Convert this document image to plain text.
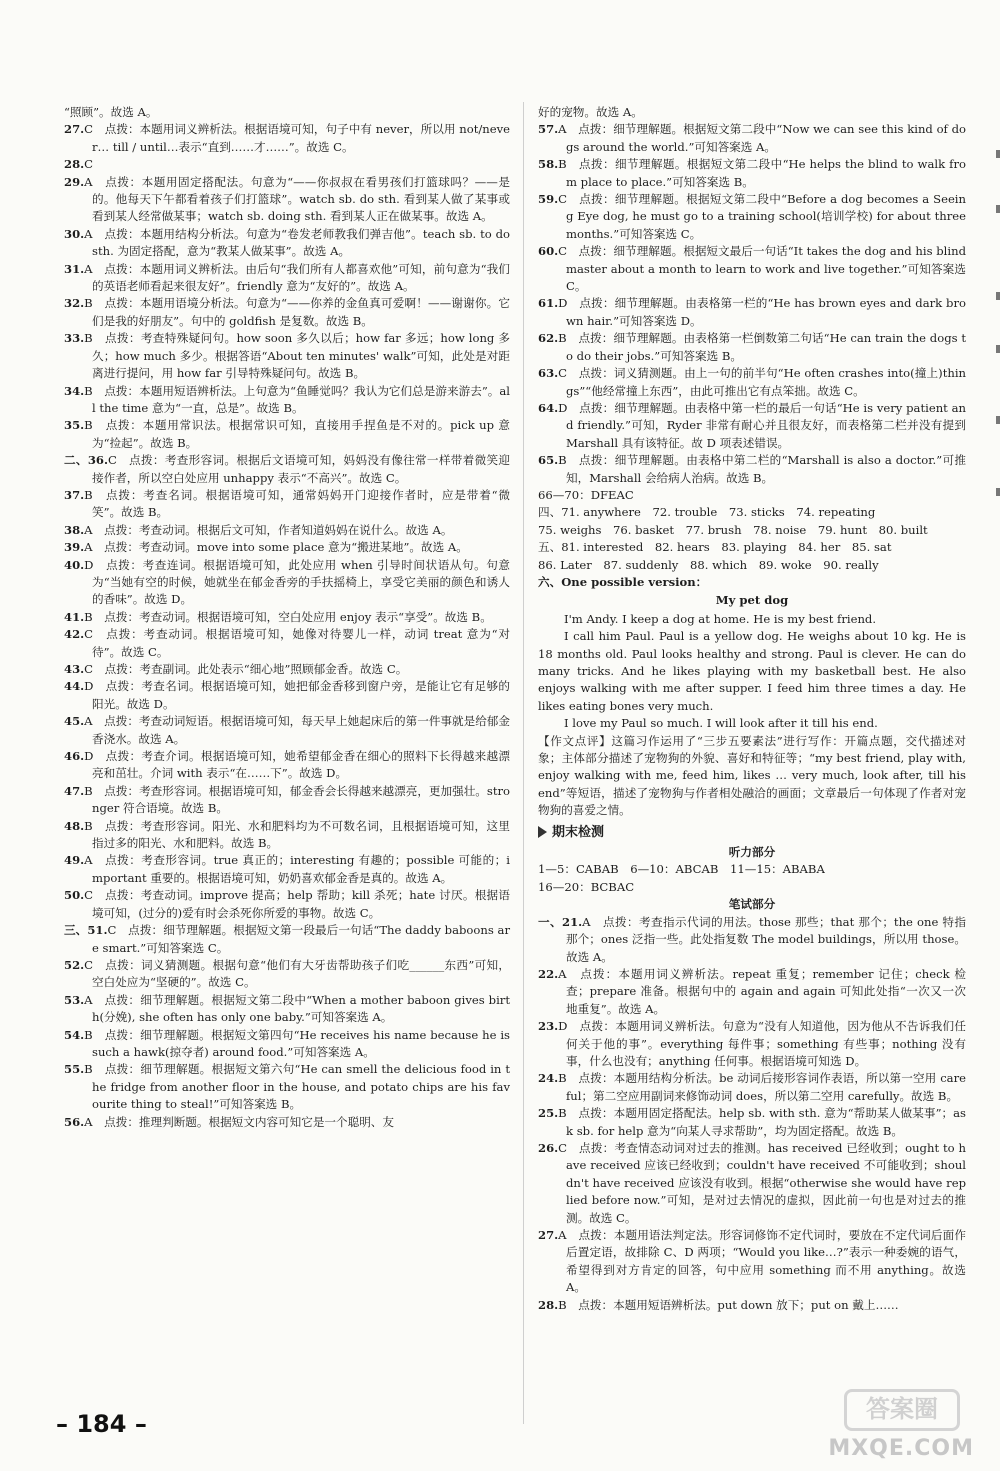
“照顾”。故选 A。

27.C　点拨：本题用词义辨析法。根据语境可知，句子中有 never，所以用 not/never… till / until…表示“直到……才……”。故选 C。

28.C

29.A　点拨：本题用固定搭配法。句意为“——你叔叔在看男孩们打篮球吗？——是的。他每天下午都看着孩子们打篮球”。watch sb. do sth. 看到某人做了某事或看到某人经常做某事；watch sb. doing sth. 看到某人正在做某事。故选 A。

30.A　点拨：本题用结构分析法。句意为“卷发老师教我们弹吉他”。teach sb. to do sth. 为固定搭配，意为“教某人做某事”。故选 A。

31.A　点拨：本题用词义辨析法。由后句“我们所有人都喜欢他”可知，前句意为“我们的英语老师看起来很友好”。friendly 意为“友好的”。故选 A。

32.B　点拨：本题用语境分析法。句意为“——你养的金鱼真可爱啊！——谢谢你。它们是我的好朋友”。句中的 goldfish 是复数。故选 B。

33.B　点拨：考查特殊疑问句。how soon 多久以后；how far 多远；how long 多久；how much 多少。根据答语“About ten minutes' walk”可知，此处是对距离进行提问，用 how far 引导特殊疑问句。故选 B。

34.B　点拨：本题用短语辨析法。上句意为“鱼睡觉吗？我认为它们总是游来游去”。all the time 意为“一直，总是”。故选 B。

35.B　点拨：本题用常识法。根据常识可知，直接用手捏鱼是不对的。pick up 意为“捡起”。故选 B。

二、36.C　点拨：考查形容词。根据后文语境可知，妈妈没有像往常一样带着微笑迎接作者，所以空白处应用 unhappy 表示“不高兴”。故选 C。

37.B　点拨：考查名词。根据语境可知，通常妈妈开门迎接作者时，应是带着“微笑”。故选 B。

38.A　点拨：考查动词。根据后文可知，作者知道妈妈在说什么。故选 A。

39.A　点拨：考查动词。move into some place 意为“搬进某地”。故选 A。

40.D　点拨：考查连词。根据语境可知，此处应用 when 引导时间状语从句。句意为“当她有空的时候，她就坐在郁金香旁的手扶摇椅上，享受它美丽的颜色和诱人的香味”。故选 D。

41.B　点拨：考查动词。根据语境可知，空白处应用 enjoy 表示“享受”。故选 B。

42.C　点拨：考查动词。根据语境可知，她像对待婴儿一样，动词 treat 意为“对待”。故选 C。

43.C　点拨：考查副词。此处表示“细心地”照顾郁金香。故选 C。

44.D　点拨：考查名词。根据语境可知，她把郁金香移到窗户旁，是能让它有足够的阳光。故选 D。

45.A　点拨：考查动词短语。根据语境可知，每天早上她起床后的第一件事就是给郁金香浇水。故选 A。

46.D　点拨：考查介词。根据语境可知，她希望郁金香在细心的照料下长得越来越漂亮和茁壮。介词 with 表示“在……下”。故选 D。

47.B　点拨：考查形容词。根据语境可知，郁金香会长得越来越漂亮，更加强壮。stronger 符合语境。故选 B。

48.B　点拨：考查形容词。阳光、水和肥料均为不可数名词，且根据语境可知，这里指过多的阳光、水和肥料。故选 B。

49.A　点拨：考查形容词。true 真正的；interesting 有趣的；possible 可能的；important 重要的。根据语境可知，奶奶喜欢郁金香是真的。故选 A。

50.C　点拨：考查动词。improve 提高；help 帮助；kill 杀死；hate 讨厌。根据语境可知，(过分的)爱有时会杀死你所爱的事物。故选 C。

三、51.C　点拨：细节理解题。根据短文第一段最后一句话“The daddy baboons are smart.”可知答案选 C。

52.C　点拨：词义猜测题。根据句意“他们有大牙齿帮助孩子们吃______东西”可知，空白处应为“坚硬的”。故选 C。

53.A　点拨：细节理解题。根据短文第二段中“When a mother baboon gives birth(分娩), she often has only one baby.”可知答案选 A。

54.B　点拨：细节理解题。根据短文第四句“He receives his name because he is such a hawk(掠夺者) around food.”可知答案选 A。

55.B　点拨：细节理解题。根据短文第六句“He can smell the delicious food in the fridge from another floor in the house, and potato chips are his favourite thing to steal!”可知答案选 B。

56.A　点拨：推理判断题。根据短文内容可知它是一个聪明、友

好的宠物。故选 A。

57.A　点拨：细节理解题。根据短文第二段中“Now we can see this kind of dogs around the world.”可知答案选 A。

58.B　点拨：细节理解题。根据短文第二段中“He helps the blind to walk from place to place.”可知答案选 B。

59.C　点拨：细节理解题。根据短文第二段中“Before a dog becomes a Seeing Eye dog, he must go to a training school(培训学校) for about three months.”可知答案选 C。

60.C　点拨：细节理解题。根据短文最后一句话“It takes the dog and his blind master about a month to learn to work and live together.”可知答案选 C。

61.D　点拨：细节理解题。由表格第一栏的“He has brown eyes and dark brown hair.”可知答案选 D。

62.B　点拨：细节理解题。由表格第一栏倒数第二句话“He can train the dogs to do their jobs.”可知答案选 B。

63.C　点拨：词义猜测题。由上一句的前半句“He often crashes into(撞上)things”“他经常撞上东西”，由此可推出它有点笨拙。故选 C。

64.D　点拨：细节理解题。由表格中第一栏的最后一句话“He is very patient and friendly.”可知，Ryder 非常有耐心并且很友好，而表格第二栏并没有提到 Marshall 具有该特征。故 D 项表述错误。

65.B　点拨：细节理解题。由表格中第二栏的“Marshall is also a doctor.”可推知，Marshall 会给病人治病。故选 B。

66—70：DFEAC

四、71. anywhere　72. trouble　73. sticks　74. repeating

75. weighs　76. basket　77. brush　78. noise　79. hunt　80. built

五、81. interested　82. hears　83. playing　84. her　85. sat

86. Later　87. suddenly　88. which　89. woke　90. really

六、One possible version：

My pet dog

I'm Andy. I keep a dog at home. He is my best friend.

I call him Paul. Paul is a yellow dog. He weighs about 10 kg. He is 18 months old. Paul looks healthy and strong. Paul is clever. He can do many tricks. And he likes playing with my basketball best. He also enjoys walking with me after supper. I feed him three times a day. He likes eating bones very much.

I love my Paul so much. I will look after it till his end.

【作文点评】这篇习作运用了“三步五要素法”进行写作：开篇点题，交代描述对象；主体部分描述了宠物狗的外貌、喜好和特征等；“my best friend, play with, enjoy walking with me, feed him, likes … very much, look after, till his end”等短语，描述了宠物狗与作者相处融洽的画面；文章最后一句体现了作者对宠物狗的喜爱之情。

期末检测

听力部分

1—5：CABAB　6—10：ABCAB　11—15：ABABA

16—20：BCBAC

笔试部分

一、21.A　点拨：考查指示代词的用法。those 那些；that 那个；the one 特指那个；ones 泛指一些。此处指复数 The model buildings，所以用 those。故选 A。

22.A　点拨：本题用词义辨析法。repeat 重复；remember 记住；check 检查；prepare 准备。根据句中的 again and again 可知此处指“一次又一次地重复”。故选 A。

23.D　点拨：本题用词义辨析法。句意为“没有人知道他，因为他从不告诉我们任何关于他的事”。everything 每件事；something 有些事；nothing 没有事，什么也没有；anything 任何事。根据语境可知选 D。

24.B　点拨：本题用结构分析法。be 动词后接形容词作表语，所以第一空用 careful；第二空应用副词来修饰动词 does，所以第二空用 carefully。故选 B。

25.B　点拨：本题用固定搭配法。help sb. with sth. 意为“帮助某人做某事”；ask sb. for help 意为“向某人寻求帮助”，均为固定搭配。故选 B。

26.C　点拨：考查情态动词对过去的推测。has received 已经收到；ought to have received 应该已经收到；couldn't have received 不可能收到；shouldn't have received 应该没有收到。根据“otherwise she would have replied before now.”可知，是对过去情况的虚拟，因此前一句也是对过去的推测。故选 C。

27.A　点拨：本题用语法判定法。形容词修饰不定代词时，要放在不定代词后面作后置定语，故排除 C、D 两项；“Would you like…?”表示一种委婉的语气，希望得到对方肯定的回答，句中应用 something 而不用 anything。故选 A。

28.B　点拨：本题用短语辨析法。put down 放下；put on 戴上……

– 184 –
答案圈
MXQE.COM
